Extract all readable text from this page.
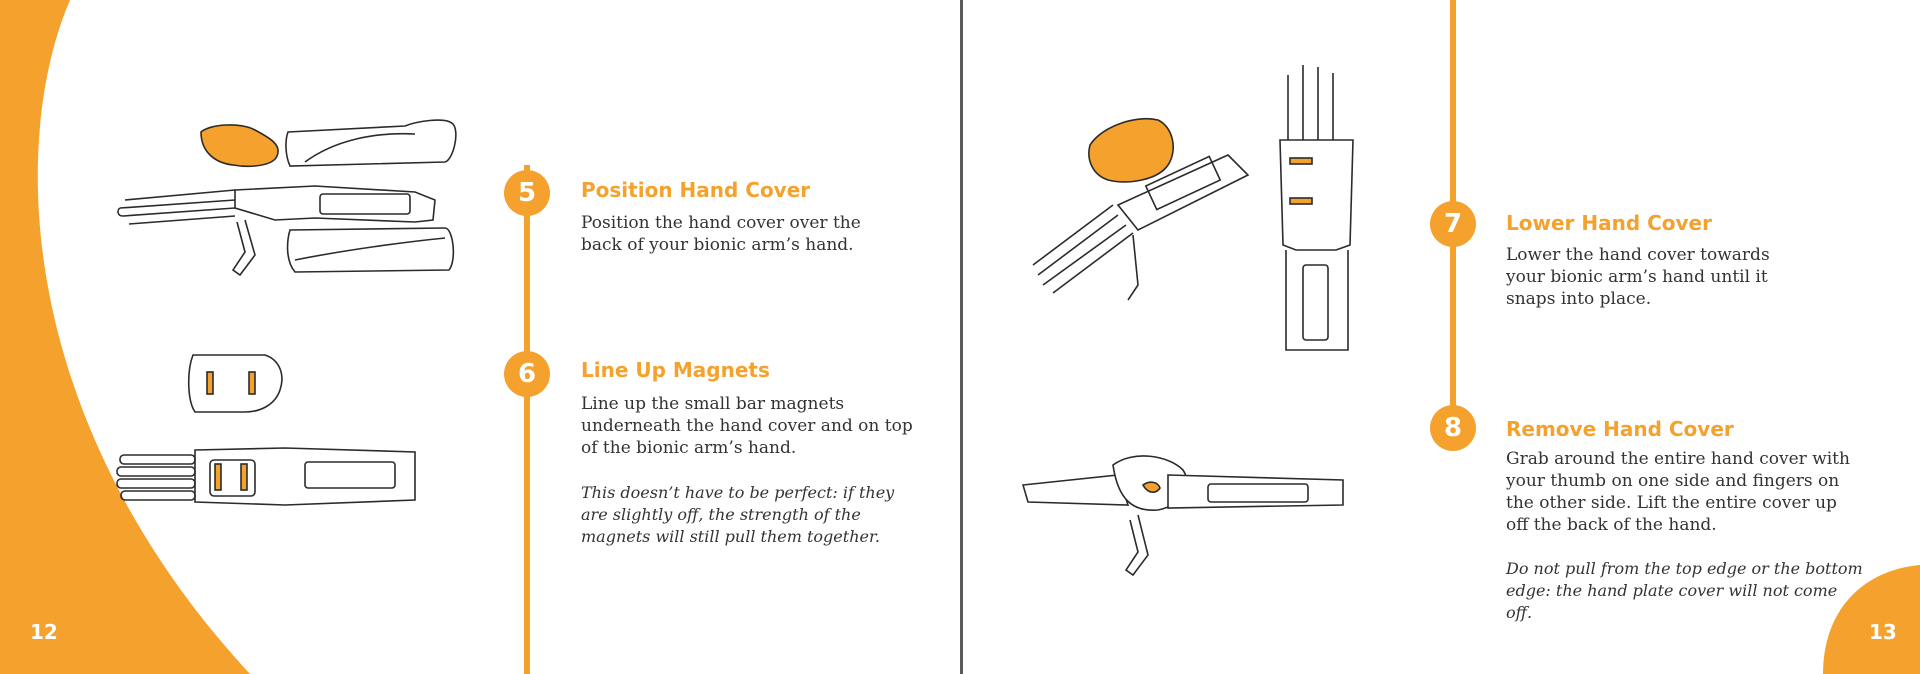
5	Position Hand Cover
Position the hand cover over the back of your bionic arm’s hand.
6	Line Up Magnets
Line up the small bar magnets underneath the hand cover and on top of the bionic arm’s hand.
This doesn’t have to be perfect: if they are slightly off, the strength of the magnets will still pull them together.
12
7	Lower Hand Cover
Lower the hand cover towards your bionic arm’s hand until it snaps into place.
8	Remove Hand Cover
Grab around the entire hand cover with your thumb on one side and fingers on the other side. Lift the entire cover up off the back of the hand.
Do not pull from the top edge or the bottom edge: the hand plate cover will not come off.
13
